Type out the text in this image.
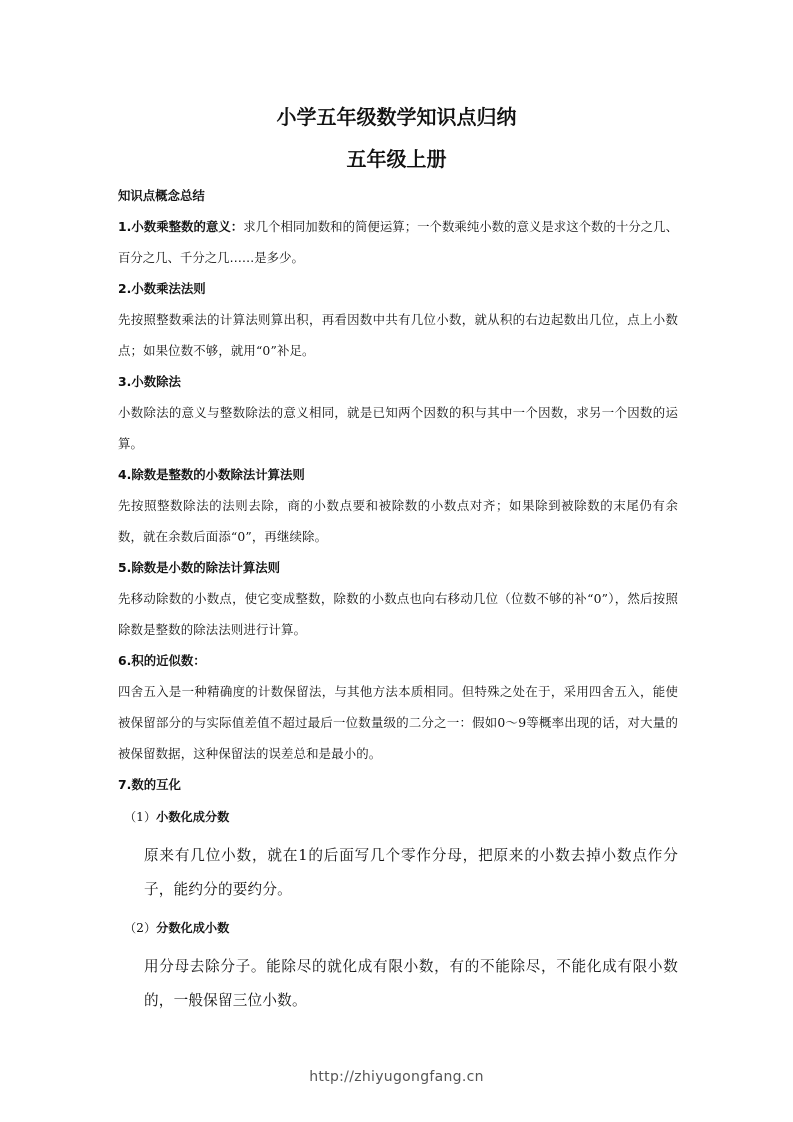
小学五年级数学知识点归纳
五年级上册

知识点概念总结

1.小数乘整数的意义：求几个相同加数和的简便运算；一个数乘纯小数的意义是求这个数的十分之几、百分之几、千分之几……是多少。

2.小数乘法法则

先按照整数乘法的计算法则算出积，再看因数中共有几位小数，就从积的右边起数出几位，点上小数点；如果位数不够，就用“0”补足。

3.小数除法

小数除法的意义与整数除法的意义相同，就是已知两个因数的积与其中一个因数，求另一个因数的运算。

4.除数是整数的小数除法计算法则

先按照整数除法的法则去除，商的小数点要和被除数的小数点对齐；如果除到被除数的末尾仍有余数，就在余数后面添“0”，再继续除。

5.除数是小数的除法计算法则

先移动除数的小数点，使它变成整数，除数的小数点也向右移动几位（位数不够的补“0”），然后按照除数是整数的除法法则进行计算。

6.积的近似数：

四舍五入是一种精确度的计数保留法，与其他方法本质相同。但特殊之处在于，采用四舍五入，能使被保留部分的与实际值差值不超过最后一位数量级的二分之一：假如0～9等概率出现的话，对大量的被保留数据，这种保留法的误差总和是最小的。

7.数的互化

（1）小数化成分数

原来有几位小数，就在1的后面写几个零作分母，把原来的小数去掉小数点作分子，能约分的要约分。

（2）分数化成小数

用分母去除分子。能除尽的就化成有限小数，有的不能除尽，不能化成有限小数的，一般保留三位小数。

http://zhiyugongfang.cn
